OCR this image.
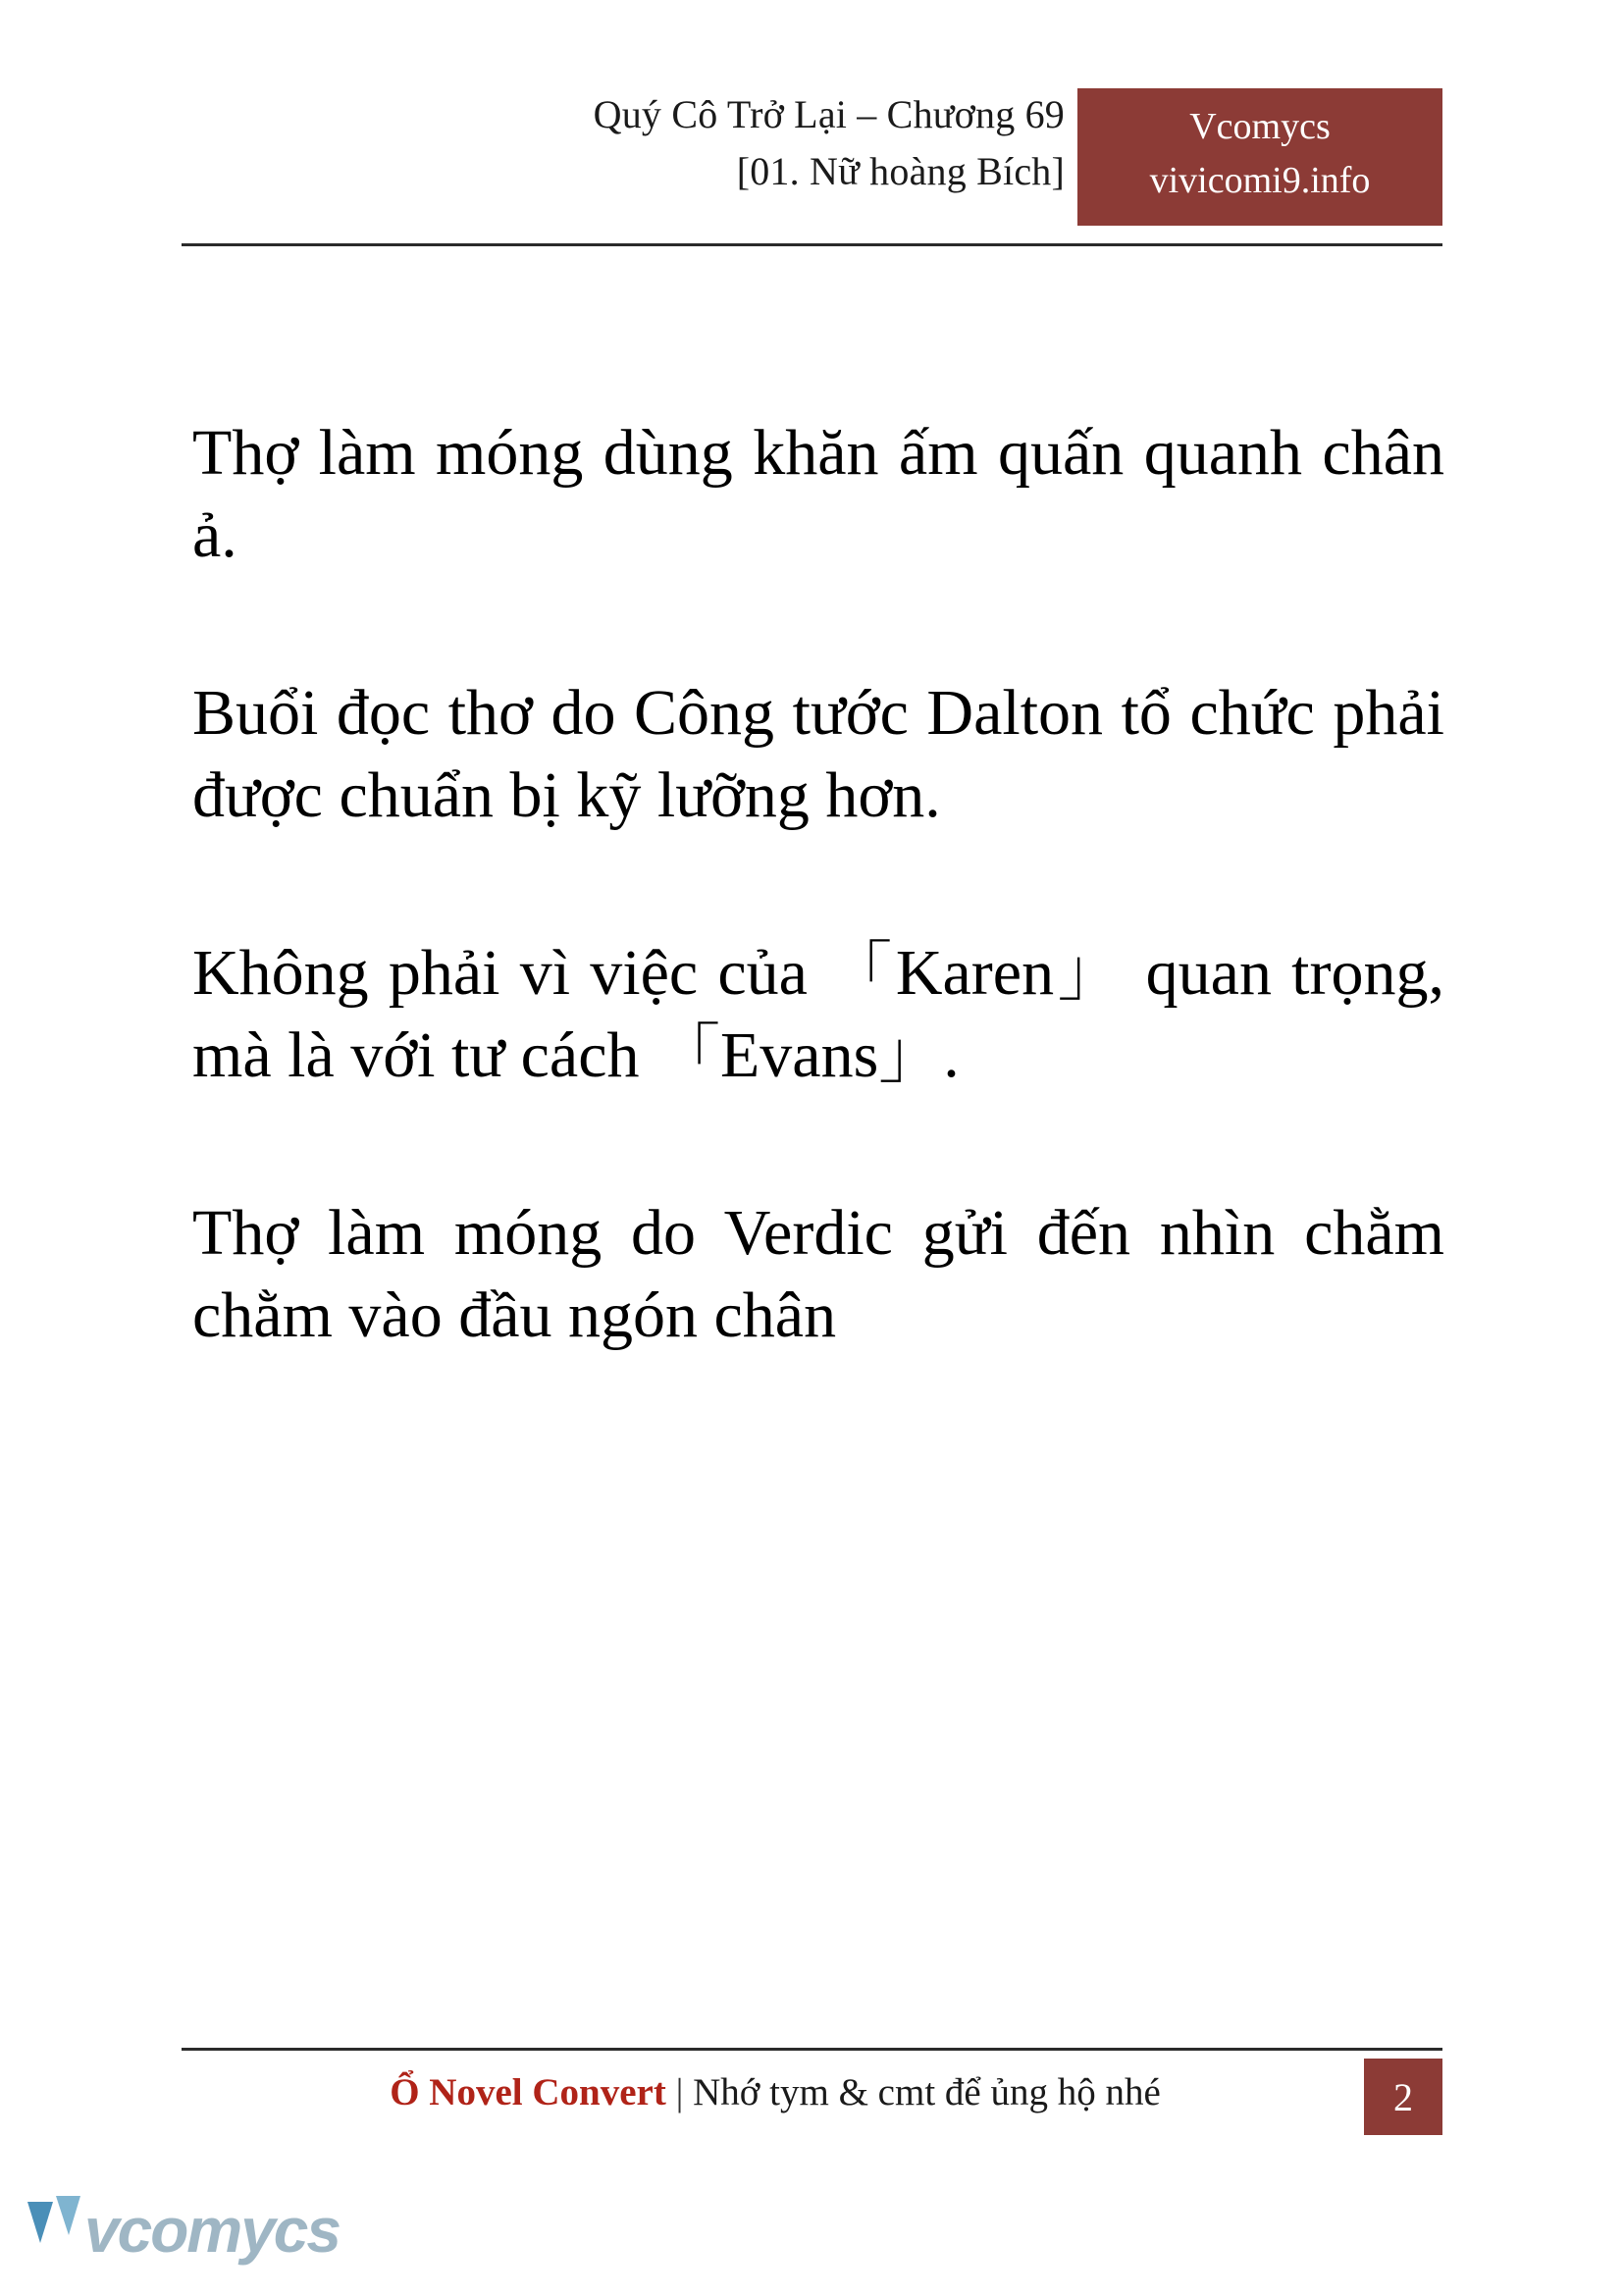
Quý Cô Trở Lại – Chương 69
[01. Nữ hoàng Bích]
Vcomycs
vivicomi9.info

Thợ làm móng dùng khăn ấm quấn quanh chân ả.

Buổi đọc thơ do Công tước Dalton tổ chức phải được chuẩn bị kỹ lưỡng hơn.

Không phải vì việc của 「Karen」 quan trọng, mà là với tư cách 「Evans」.

Thợ làm móng do Verdic gửi đến nhìn chằm chằm vào đầu ngón chân

Ổ Novel Convert | Nhớ tym & cmt để ủng hộ nhé	2
vcomycs
